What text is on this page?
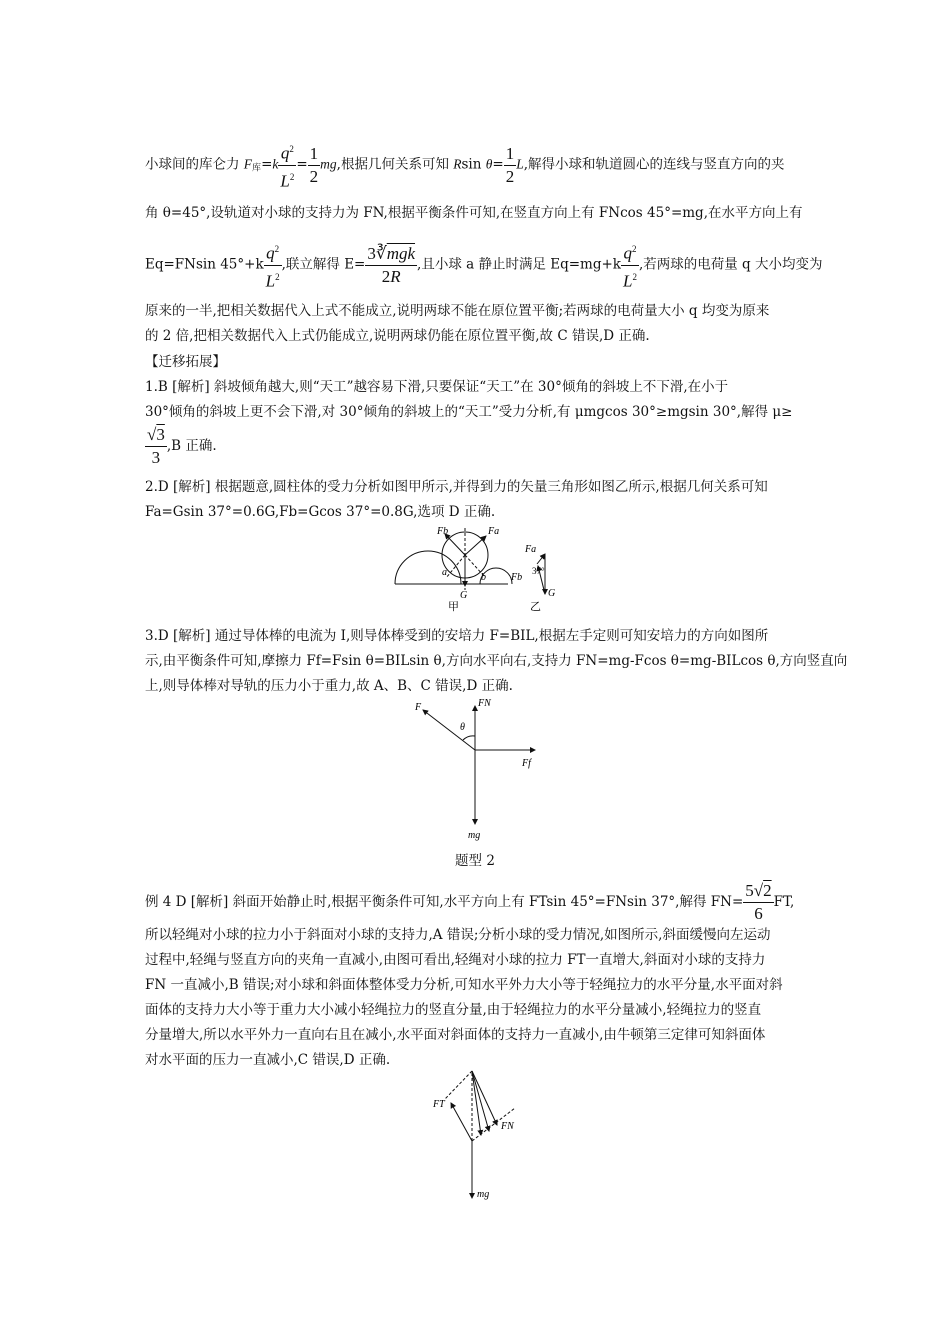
小球间的库仑力 $F_库=k \frac{q^2}{L^2} = \frac{1}{2}$ mg,根据几何关系可知 Rsin $\theta= \frac{1}{2} L$,解得小球和轨道圆心的连线与竖直方向的夹
角 θ=45°,设轨道对小球的支持力为 FN,根据平衡条件可知,在竖直方向上有 FNcos 45°=mg,在水平方向上有
Eq=FNsin $45^\circ+k \frac{q^2}{L^2}$ ,联立解得 $E= \frac{3∛\overline{mgk}}{2R}$ ,且小球 a 静止时满足 $Eq=mg+k \frac{q^2}{L^2}$ ,若两球的电荷量 q 大小均变为
原来的一半,把相关数据代入上式不能成立,说明两球不能在原位置平衡;若两球的电荷量大小 q 均变为原来
的 2 倍,把相关数据代入上式仍能成立,说明两球仍能在原位置平衡,故 C 错误,D 正确.
【迁移拓展】
1.B [解析] 斜坡倾角越大,则“天工”越容易下滑,只要保证“天工”在 30°倾角的斜坡上不下滑,在小于
30°倾角的斜坡上更不会下滑,对 30°倾角的斜坡上的“天工”受力分析,有 μmgcos 30°≥mgsin 30°,解得 μ≥
$\frac{√3}{3} ,B$ 正确.
2.D [解析] 根据题意,圆柱体的受力分析如图甲所示,并得到力的矢量三角形如图乙所示,根据几何关系可知
Fa=Gsin 37°=0.6G,Fb=Gcos 37°=0.8G,选项 D 正确.
Fb	Fa
a	b
G
甲
Fa
37°
Fb
G
乙
3.D [解析] 通过导体棒的电流为 I,则导体棒受到的安培力 F=BIL,根据左手定则可知安培力的方向如图所
示,由平衡条件可知,摩擦力 Ff=Fsin θ=BILsin θ,方向水平向右,支持力 FN=mg-Fcos θ=mg-BILcos θ,方向竖直向
上,则导体棒对导轨的压力小于重力,故 A、B、C 错误,D 正确.
FN
F
θ
Ff
mg
题型 2
例 4 D [解析] 斜面开始静止时,根据平衡条件可知,水平方向上有 FTsin 45°=FNsin 37°,解得 $FN= \frac{5√2}{6}$ FT,
所以轻绳对小球的拉力小于斜面对小球的支持力,A 错误;分析小球的受力情况,如图所示,斜面缓慢向左运动
过程中,轻绳与竖直方向的夹角一直减小,由图可看出,轻绳对小球的拉力 FT一直增大,斜面对小球的支持力
FN 一直减小,B 错误;对小球和斜面体整体受力分析,可知水平外力大小等于轻绳拉力的水平分量,水平面对斜
面体的支持力大小等于重力大小减小轻绳拉力的竖直分量,由于轻绳拉力的水平分量减小,轻绳拉力的竖直
分量增大,所以水平外力一直向右且在减小,水平面对斜面体的支持力一直减小,由牛顿第三定律可知斜面体
对水平面的压力一直减小,C 错误,D 正确.
FT
FN
mg
